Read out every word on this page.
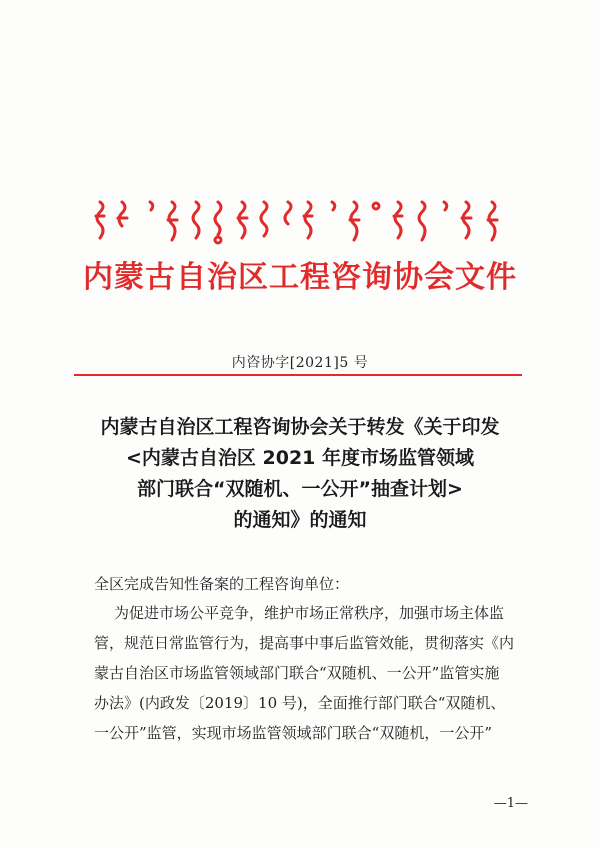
内蒙古自治区工程咨询协会文件
内咨协字[2021]5 号
内蒙古自治区工程咨询协会关于转发《关于印发
<内蒙古自治区 2021 年度市场监管领域
部门联合“双随机、一公开”抽查计划>
的通知》的通知
全区完成告知性备案的工程咨询单位：
为促进市场公平竞争，维护市场正常秩序，加强市场主体监
管，规范日常监管行为，提高事中事后监管效能，贯彻落实《内
蒙古自治区市场监管领域部门联合“双随机、一公开”监管实施
办法》(内政发〔2019〕10 号)，全面推行部门联合“双随机、
一公开”监管，实现市场监管领域部门联合“双随机，一公开”
—1—
